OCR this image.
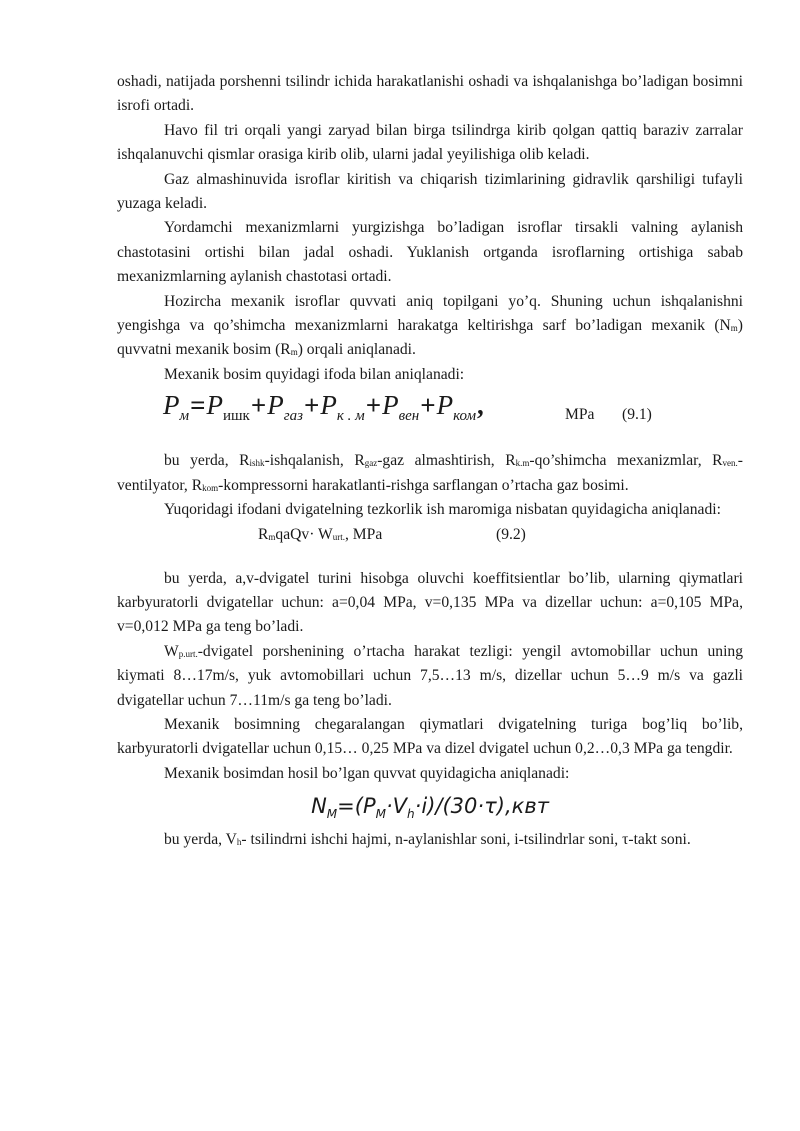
oshadi, natijada porshenni tsilindr ichida harakatlanishi oshadi va ishqalanishga bo’ladigan bosimni isrofi ortadi.

Havo fil tri orqali yangi zaryad bilan birga tsilindrga kirib qolgan qattiq baraziv zarralar ishqalanuvchi qismlar orasiga kirib olib, ularni jadal yeyilishiga olib keladi.

Gaz almashinuvida isroflar kiritish va chiqarish tizimlarining gidravlik qarshiligi tufayli yuzaga keladi.

Yordamchi mexanizmlarni yurgizishga bo’ladigan isroflar tirsakli valning aylanish chastotasini ortishi bilan jadal oshadi. Yuklanish ortganda isroflarning ortishiga sabab mexanizmlarning aylanish chastotasi ortadi.

Hozircha mexanik isroflar quvvati aniq topilgani yo’q. Shuning uchun ishqalanishni yengishga va qo’shimcha mexanizmlarni harakatga keltirishga sarf bo’ladigan mexanik $(N_m)$ quvvatni mexanik bosim $(R_m)$ orqali aniqlanadi.

Mexanik bosim quyidagi ifoda bilan aniqlanadi:

$P_м=P_{ишк}+P_{газ}+P_{к . м}+P_{вен}+P_{ком}$,	MPa (9.1)

bu yerda, $R_{ishk}$-ishqalanish, $R_{gaz}$-gaz almashtirish, $R_{k.m}-qo’shimcha$ mexanizmlar, $R_{ven.}$-ventilyator, $R_{kom}$-kompressorni harakatlanti-rishga sarflangan o’rtacha gaz bosimi.

Yuqoridagi ifodani dvigatelning tezkorlik ish maromiga nisbatan quyidagicha aniqlanadi:

$R_mqaQv\cdot W_{urt.}$, MPa	(9.2)

bu yerda, a,v-dvigatel turini hisobga oluvchi koeffitsientlar bo’lib, ularning qiymatlari karbyuratorli dvigatellar uchun: a=0,04 MPa, v=0,135 MPa va dizellar uchun: a=0,105 MPa, v=0,012 MPa ga teng bo’ladi.

$W_{p.urt.}$-dvigatel porshenining o’rtacha harakat tezligi: yengil avtomobillar uchun uning kiymati 8…17m/s, yuk avtomobillari uchun 7,5…13 m/s, dizellar uchun 5…9 m/s va gazli dvigatellar uchun 7…11m/s ga teng bo’ladi.

Mexanik bosimning chegaralangan qiymatlari dvigatelning turiga bog’liq bo’lib, karbyuratorli dvigatellar uchun 0,15… 0,25 MPa va dizel dvigatel uchun 0,2…0,3 MPa ga tengdir.

Mexanik bosimdan hosil bo’lgan quvvat quyidagicha aniqlanadi:

$N_M=(P_M\cdot V_h\cdot i)/(30\cdot\tau),квт$

bu yerda, $V_h-$ tsilindrni ishchi hajmi, n-aylanishlar soni, i-tsilindrlar soni, τ-takt soni.
